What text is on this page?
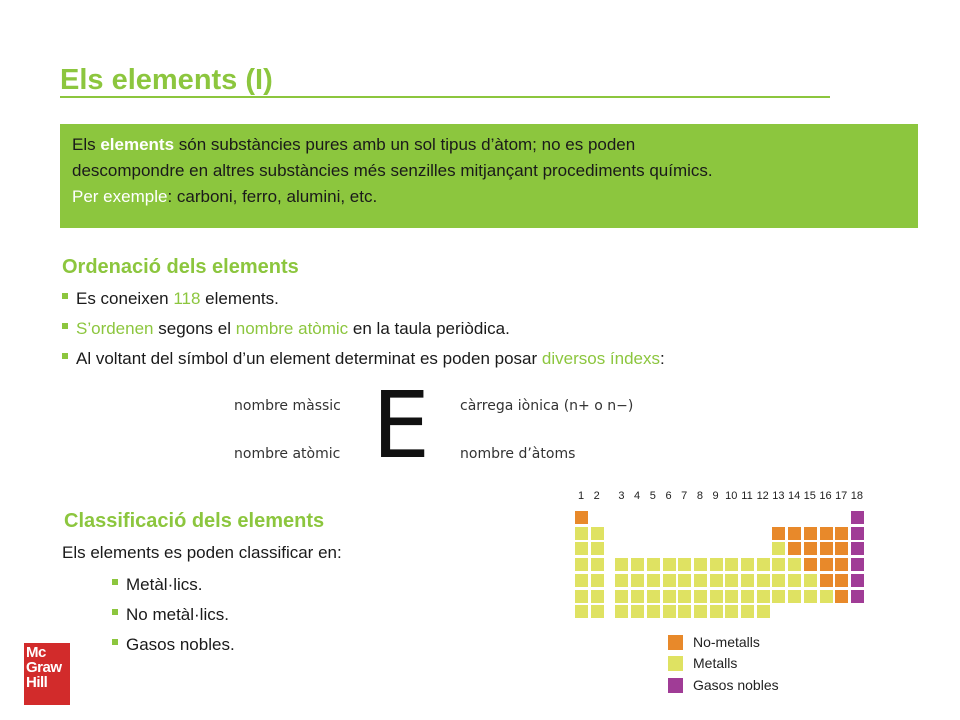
Els elements (I)
Els elements són substàncies pures amb un sol tipus d’àtom; no es poden
descompondre en altres substàncies més senzilles mitjançant procediments químics.
Per exemple: carboni, ferro, alumini, etc.
Ordenació dels elements
Es coneixen 118 elements.
S’ordenen segons el nombre atòmic en la taula periòdica.
Al voltant del símbol d’un element determinat es poden posar diversos índexs:
nombre màssic
nombre atòmic E càrrega iònica (n+ o n−)
nombre d’àtoms
Classificació dels elements

Els elements es poden classificar en:

Metàl·lics.
No metàl·lics.
Gasos nobles.
Mc
Graw
Hill
1 2	3 4 5 6 7 8 9 10 11 12 13 14 15 16 17 18
No-metalls
Metalls
Gasos nobles
